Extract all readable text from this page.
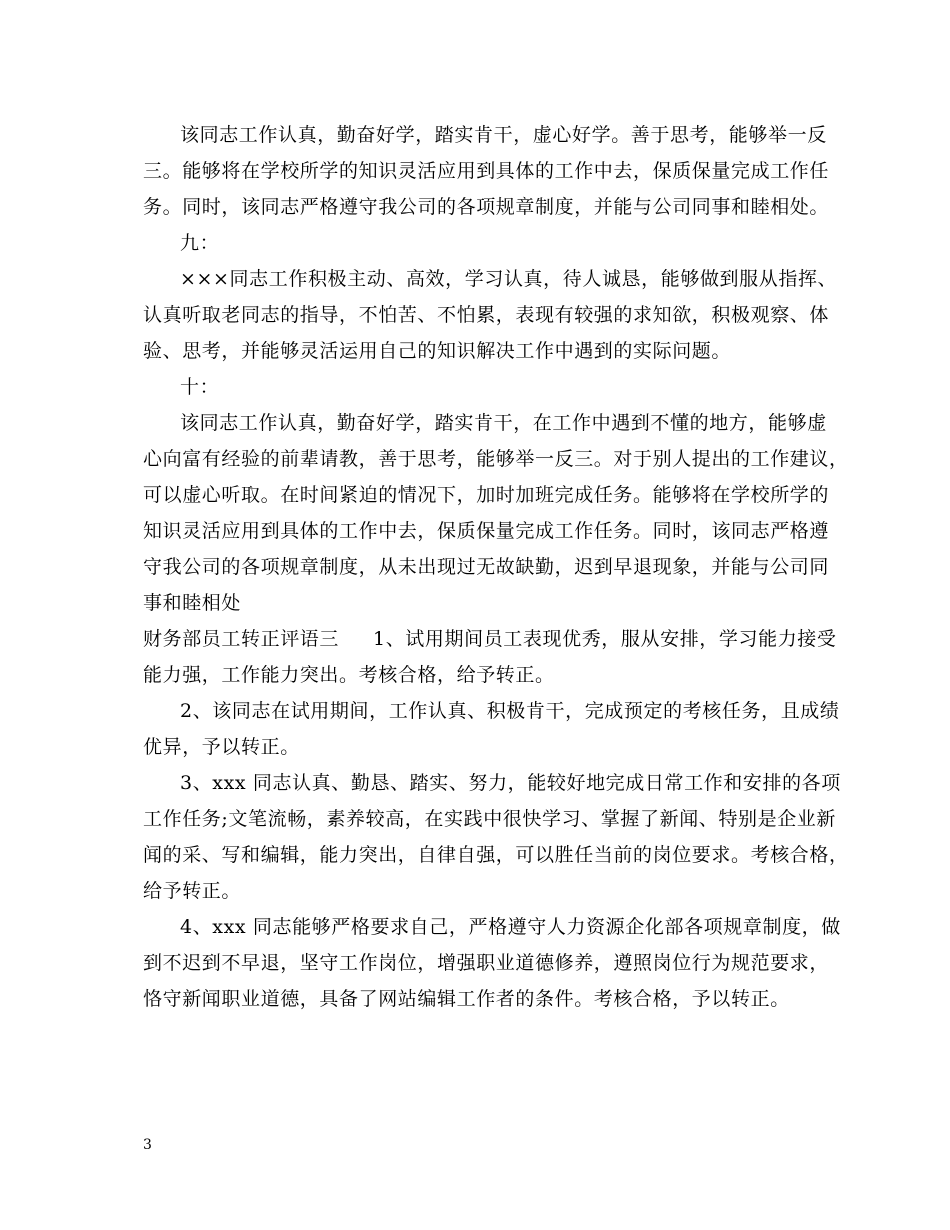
该同志工作认真，勤奋好学，踏实肯干，虚心好学。善于思考，能够举一反
三。能够将在学校所学的知识灵活应用到具体的工作中去，保质保量完成工作任
务。同时，该同志严格遵守我公司的各项规章制度，并能与公司同事和睦相处。
九：
×××同志工作积极主动、高效，学习认真，待人诚恳，能够做到服从指挥、
认真听取老同志的指导，不怕苦、不怕累，表现有较强的求知欲，积极观察、体
验、思考，并能够灵活运用自己的知识解决工作中遇到的实际问题。
十：
该同志工作认真，勤奋好学，踏实肯干，在工作中遇到不懂的地方，能够虚
心向富有经验的前辈请教，善于思考，能够举一反三。对于别人提出的工作建议，
可以虚心听取。在时间紧迫的情况下，加时加班完成任务。能够将在学校所学的
知识灵活应用到具体的工作中去，保质保量完成工作任务。同时，该同志严格遵
守我公司的各项规章制度，从未出现过无故缺勤，迟到早退现象，并能与公司同
事和睦相处
财务部员工转正评语三 1、试用期间员工表现优秀，服从安排，学习能力接受
能力强，工作能力突出。考核合格，给予转正。
2、该同志在试用期间，工作认真、积极肯干，完成预定的考核任务，且成绩
优异，予以转正。
3、xxx 同志认真、勤恳、踏实、努力，能较好地完成日常工作和安排的各项
工作任务;文笔流畅，素养较高，在实践中很快学习、掌握了新闻、特别是企业新
闻的采、写和编辑，能力突出，自律自强，可以胜任当前的岗位要求。考核合格，
给予转正。
4、xxx 同志能够严格要求自己，严格遵守人力资源企化部各项规章制度，做
到不迟到不早退，坚守工作岗位，增强职业道德修养，遵照岗位行为规范要求，
恪守新闻职业道德，具备了网站编辑工作者的条件。考核合格，予以转正。
3
